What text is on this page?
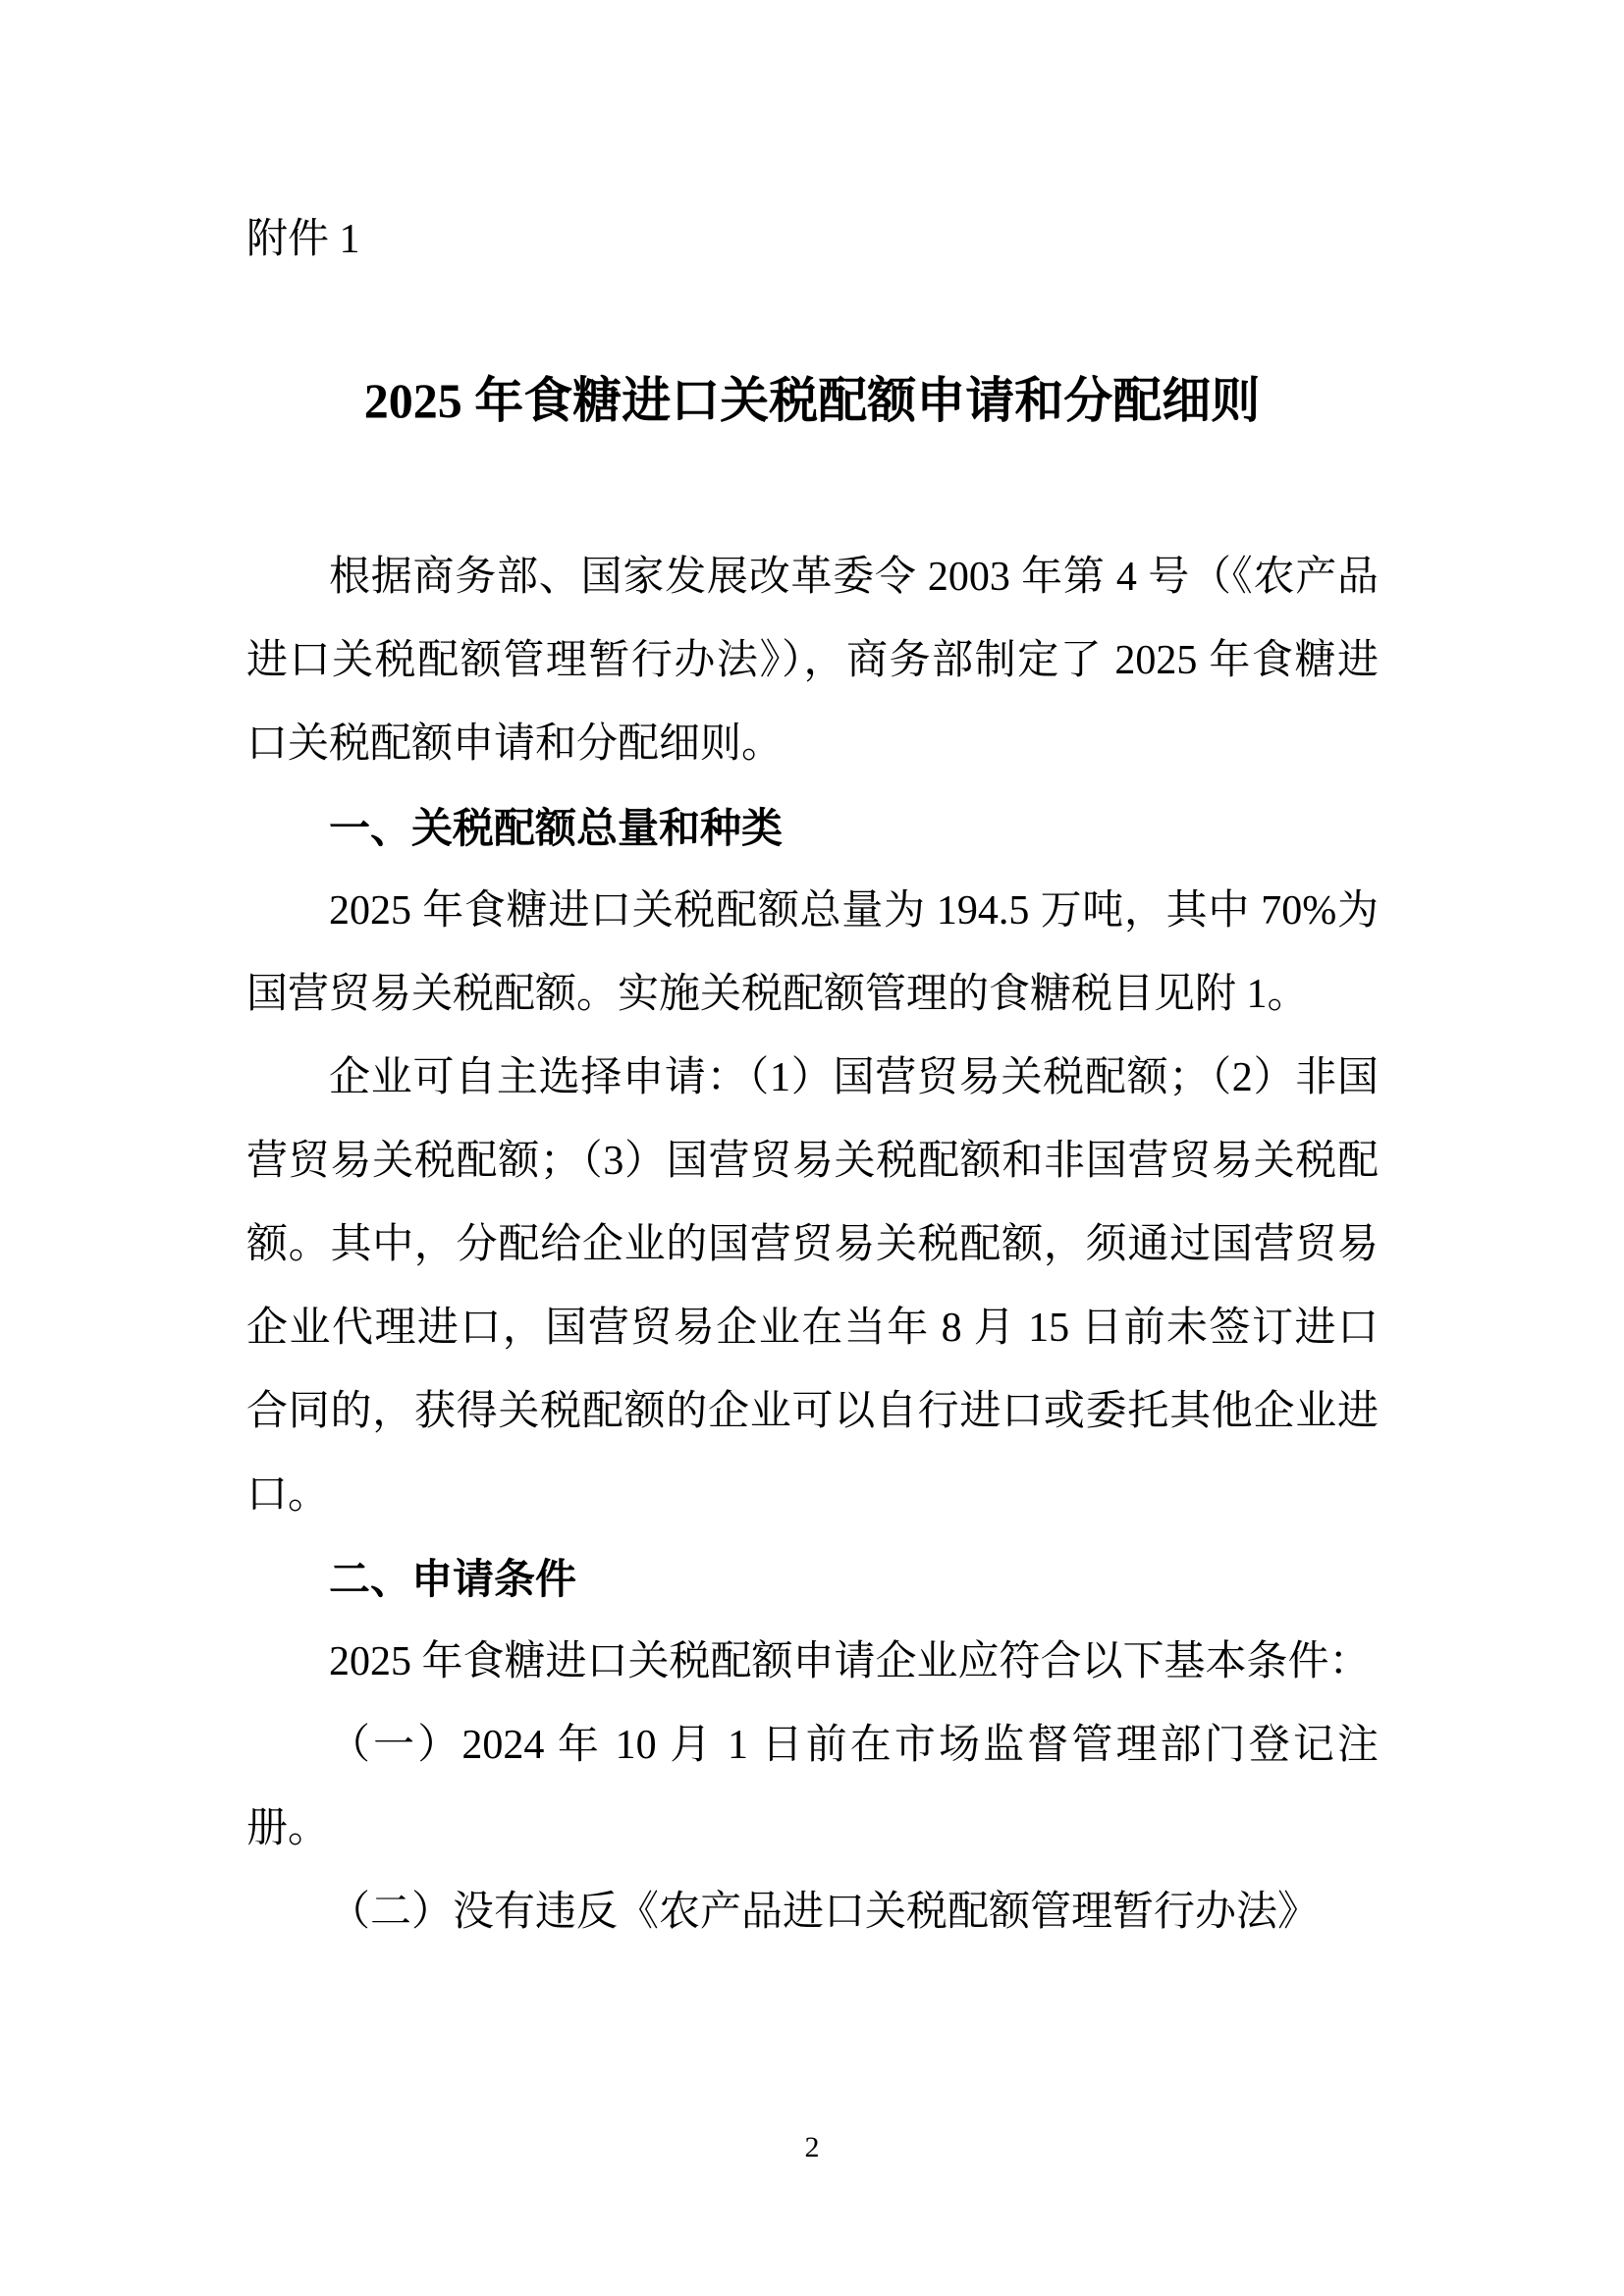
附件 1
2025 年食糖进口关税配额申请和分配细则

根据商务部、国家发展改革委令 2003 年第 4 号（《农产品进口关税配额管理暂行办法》），商务部制定了 2025 年食糖进口关税配额申请和分配细则。

一、关税配额总量和种类

2025 年食糖进口关税配额总量为 194.5 万吨，其中 70%为国营贸易关税配额。实施关税配额管理的食糖税目见附 1。

企业可自主选择申请：（1）国营贸易关税配额；（2）非国营贸易关税配额；（3）国营贸易关税配额和非国营贸易关税配额。其中，分配给企业的国营贸易关税配额，须通过国营贸易企业代理进口，国营贸易企业在当年 8 月 15 日前未签订进口合同的，获得关税配额的企业可以自行进口或委托其他企业进口。

二、申请条件

2025 年食糖进口关税配额申请企业应符合以下基本条件：

（一）2024 年 10 月 1 日前在市场监督管理部门登记注册。

（二）没有违反《农产品进口关税配额管理暂行办法》

2
